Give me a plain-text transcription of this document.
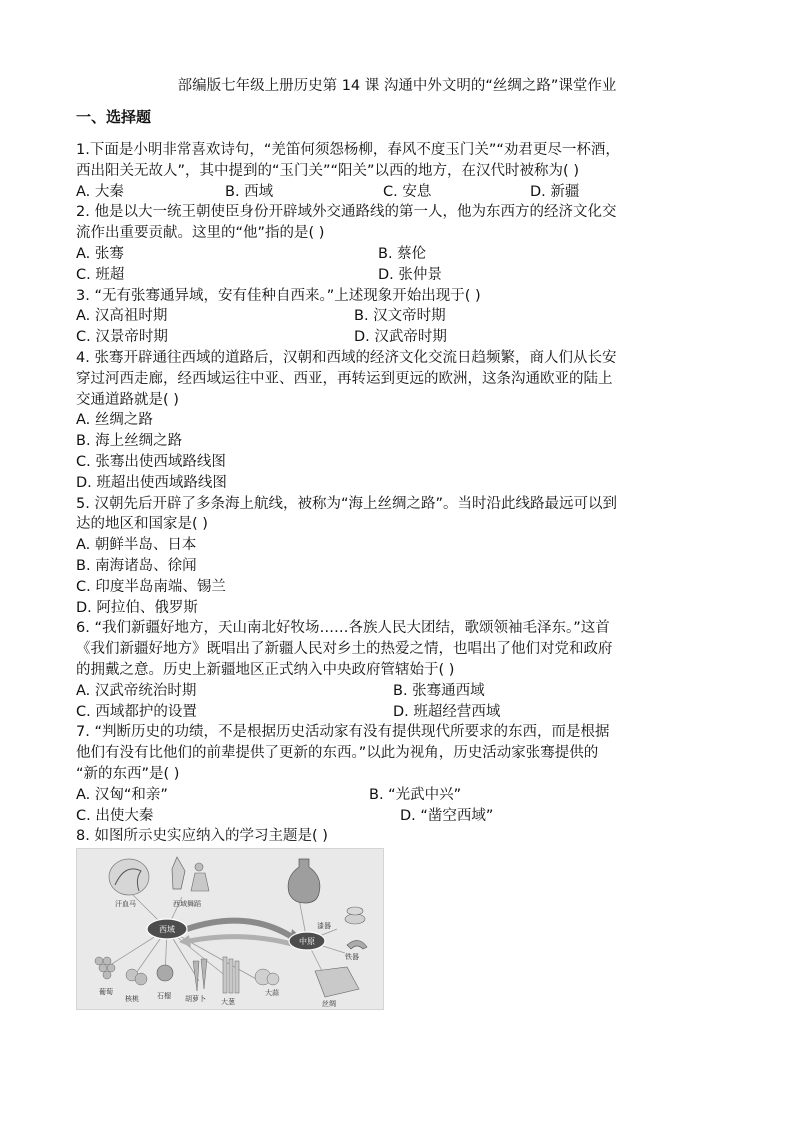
部编版七年级上册历史第 14 课 沟通中外文明的“丝绸之路”课堂作业
一、选择题
1.下面是小明非常喜欢诗句，“羌笛何须怨杨柳，春风不度玉门关”“劝君更尽一杯酒，
西出阳关无故人”，其中提到的“玉门关”“阳关”以西的地方，在汉代时被称为( )
A. 大秦	B. 西域	C. 安息	D. 新疆
2. 他是以大一统王朝使臣身份开辟域外交通路线的第一人，他为东西方的经济文化交
流作出重要贡献。这里的“他”指的是( )
A. 张骞	B. 蔡伦
C. 班超	D. 张仲景
3. “无有张骞通异域，安有佳种自西来。”上述现象开始出现于( )
A. 汉高祖时期	B. 汉文帝时期
C. 汉景帝时期	D. 汉武帝时期
4. 张骞开辟通往西域的道路后，汉朝和西域的经济文化交流日趋频繁，商人们从长安
穿过河西走廊，经西域运往中亚、西亚，再转运到更远的欧洲，这条沟通欧亚的陆上
交通道路就是( )
A. 丝绸之路
B. 海上丝绸之路
C. 张骞出使西域路线图
D. 班超出使西域路线图
5. 汉朝先后开辟了多条海上航线，被称为“海上丝绸之路”。当时沿此线路最远可以到
达的地区和国家是( )
A. 朝鲜半岛、日本
B. 南海诸岛、徐闻
C. 印度半岛南端、锡兰
D. 阿拉伯、俄罗斯
6. “我们新疆好地方，天山南北好牧场……各族人民大团结，歌颂领袖毛泽东。”这首
《我们新疆好地方》既唱出了新疆人民对乡土的热爱之情，也唱出了他们对党和政府
的拥戴之意。历史上新疆地区正式纳入中央政府管辖始于( )
A. 汉武帝统治时期	B. 张骞通西域
C. 西域都护的设置	D. 班超经营西域
7. “判断历史的功绩，不是根据历史活动家有没有提供现代所要求的东西，而是根据
他们有没有比他们的前辈提供了更新的东西。”以此为视角，历史活动家张骞提供的
“新的东西”是( )
A. 汉匈“和亲”	B. “光武中兴”
C. 出使大秦	D. “凿空西域”
8. 如图所示史实应纳入的学习主题是( )
汗血马	西域舞蹈
漆器
铁器
丝绸
葡萄
核桃	石榴 胡萝卜 大葱
大蒜
西域
中原
